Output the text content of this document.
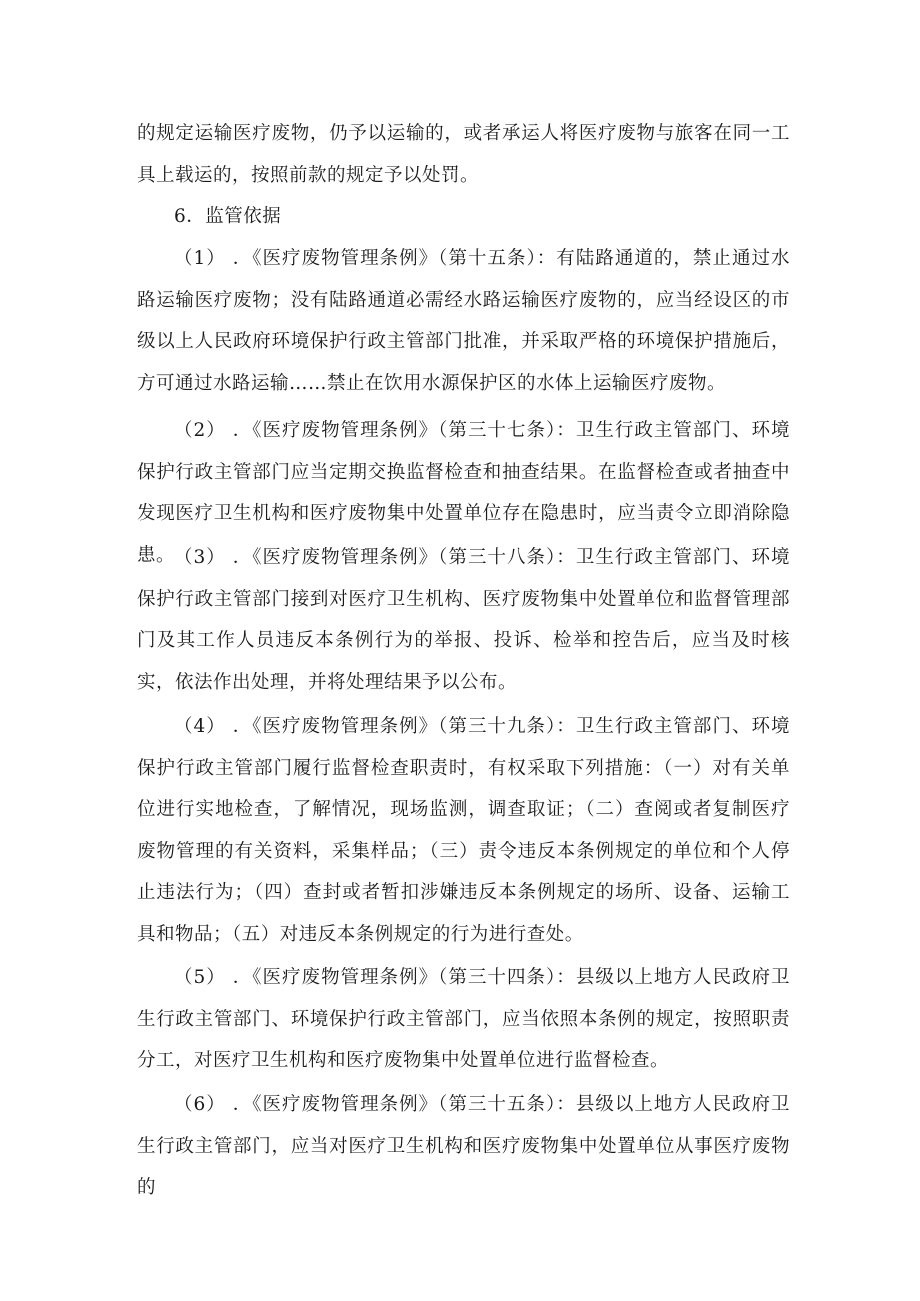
的规定运输医疗废物，仍予以运输的，或者承运人将医疗废物与旅客在同一工具上载运的，按照前款的规定予以处罚。

6．监管依据

（1） ．《医疗废物管理条例》（第十五条）：有陆路通道的，禁止通过水路运输医疗废物；没有陆路通道必需经水路运输医疗废物的，应当经设区的市级以上人民政府环境保护行政主管部门批准，并采取严格的环境保护措施后，方可通过水路运输……禁止在饮用水源保护区的水体上运输医疗废物。

（2） ．《医疗废物管理条例》（第三十七条）：卫生行政主管部门、环境保护行政主管部门应当定期交换监督检查和抽查结果。在监督检查或者抽查中发现医疗卫生机构和医疗废物集中处置单位存在隐患时，应当责令立即消除隐患。

（3） ．《医疗废物管理条例》（第三十八条）：卫生行政主管部门、环境保护行政主管部门接到对医疗卫生机构、医疗废物集中处置单位和监督管理部门及其工作人员违反本条例行为的举报、投诉、检举和控告后，应当及时核实，依法作出处理，并将处理结果予以公布。

（4） ．《医疗废物管理条例》（第三十九条）：卫生行政主管部门、环境保护行政主管部门履行监督检查职责时，有权采取下列措施：（一）对有关单位进行实地检查，了解情况，现场监测，调查取证；（二）查阅或者复制医疗废物管理的有关资料，采集样品；（三）责令违反本条例规定的单位和个人停止违法行为；（四）查封或者暂扣涉嫌违反本条例规定的场所、设备、运输工具和物品；（五）对违反本条例规定的行为进行查处。

（5） ．《医疗废物管理条例》（第三十四条）：县级以上地方人民政府卫生行政主管部门、环境保护行政主管部门，应当依照本条例的规定，按照职责分工，对医疗卫生机构和医疗废物集中处置单位进行监督检查。

（6） ．《医疗废物管理条例》（第三十五条）：县级以上地方人民政府卫生行政主管部门，应当对医疗卫生机构和医疗废物集中处置单位从事医疗废物的
